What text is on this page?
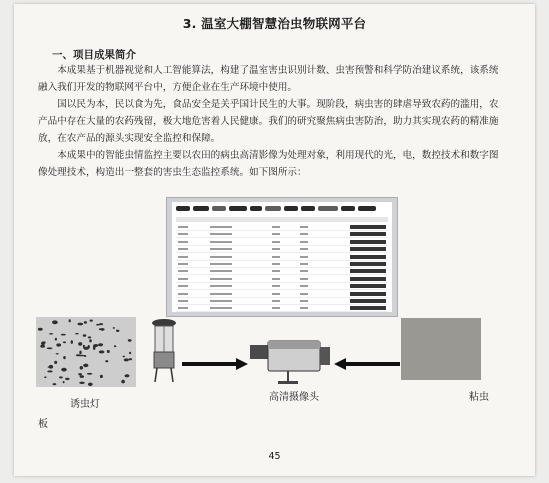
3. 温室大棚智慧治虫物联网平台
一、项目成果简介

本成果基于机器视觉和人工智能算法，构建了温室害虫识别计数、虫害预警和科学防治建议系统，该系统融入我们开发的物联网平台中，方便企业在生产环境中使用。

国以民为本，民以食为先，食品安全是关乎国计民生的大事。现阶段，病虫害的肆虐导致农药的滥用，农产品中存在大量的农药残留，极大地危害着人民健康。我们的研究聚焦病虫害防治，助力其实现农药的精准施放，在农产品的源头实现安全监控和保障。

本成果中的智能虫情监控主要以农田的病虫高清影像为处理对象，利用现代的光，电，数控技术和数字图像处理技术，构造出一整套的害虫生态监控系统。如下图所示：

诱虫灯
高清摄像头	粘虫
板
45
